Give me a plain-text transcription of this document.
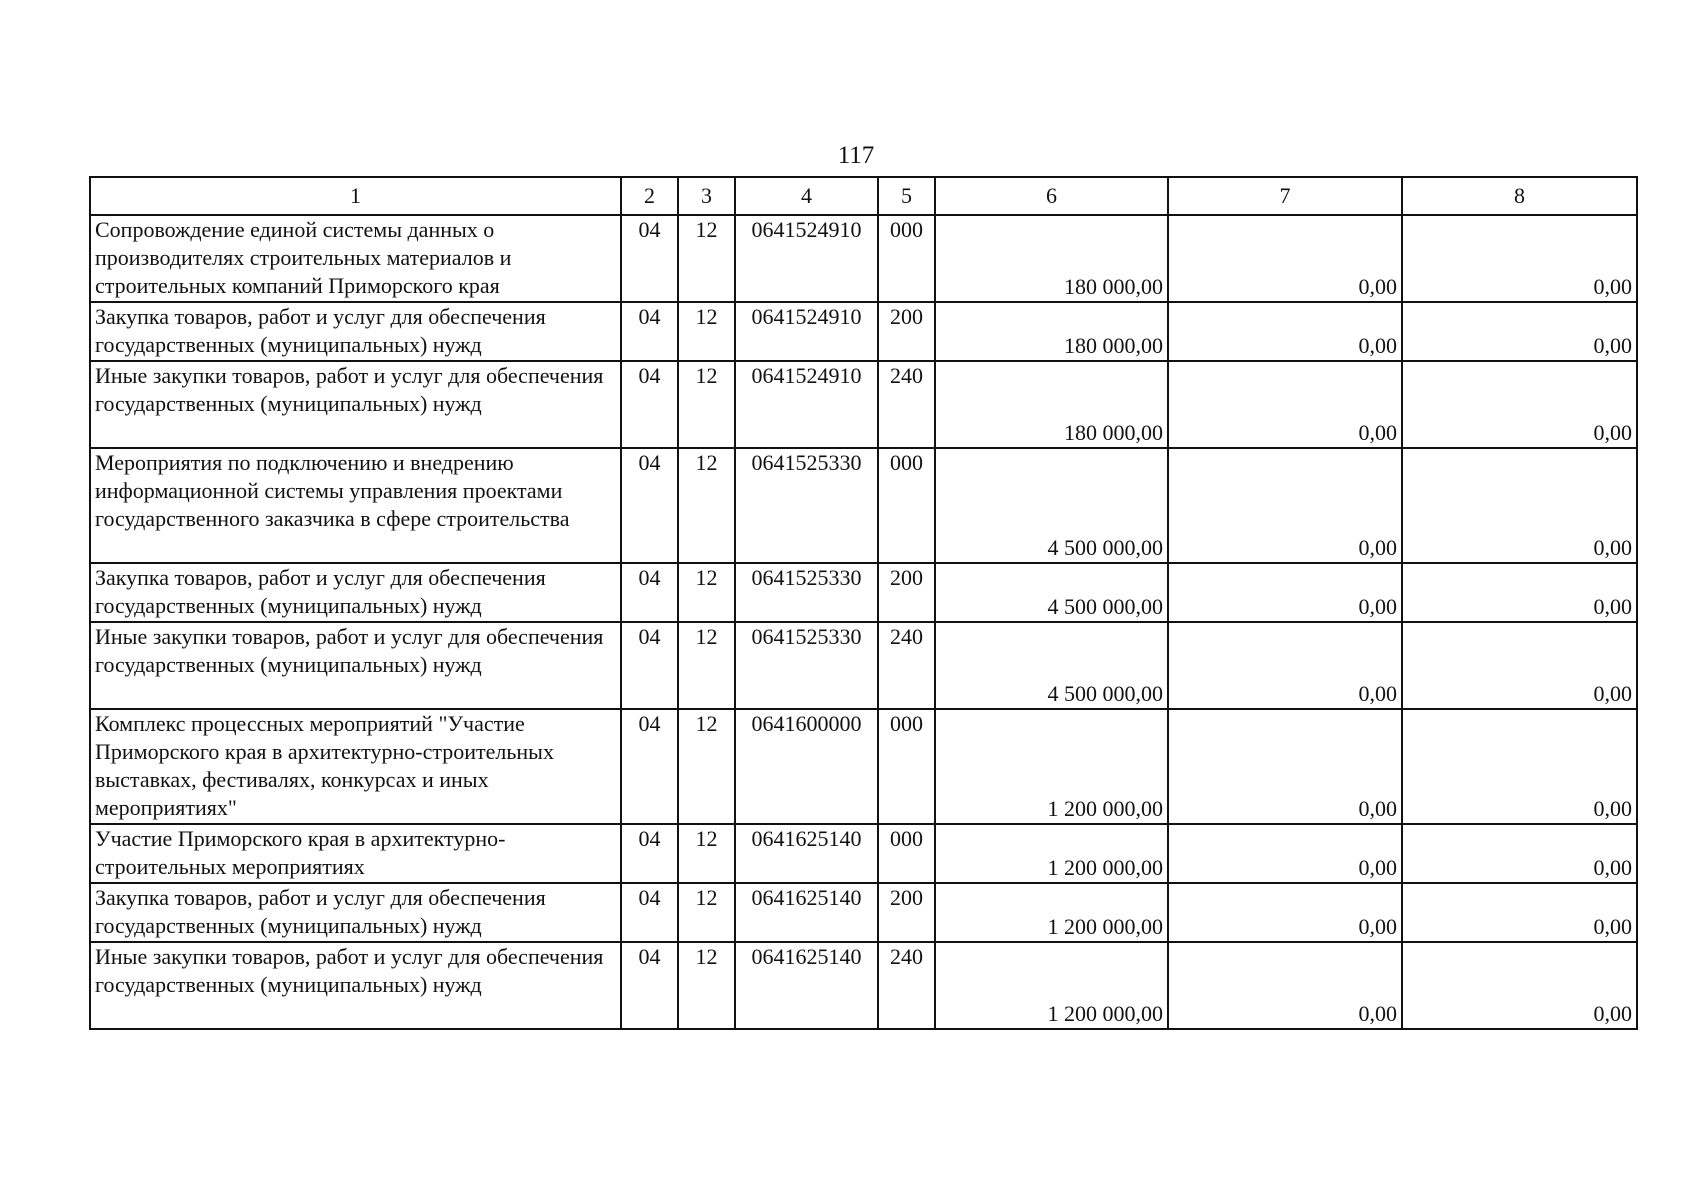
117
1	2	3	4	5	6	7	8
Сопровождение единой системы данных о производителях строительных материалов и строительных компаний Приморского края	04	12	0641524910	000	180 000,00	0,00	0,00
Закупка товаров, работ и услуг для обеспечения государственных (муниципальных) нужд	04	12	0641524910	200	180 000,00	0,00	0,00
Иные закупки товаров, работ и услуг для обеспечения государственных (муниципальных) нужд	04	12	0641524910	240	180 000,00	0,00	0,00
Мероприятия по подключению и внедрению информационной системы управления проектами государственного заказчика в сфере строительства	04	12	0641525330	000	4 500 000,00	0,00	0,00
Закупка товаров, работ и услуг для обеспечения государственных (муниципальных) нужд	04	12	0641525330	200	4 500 000,00	0,00	0,00
Иные закупки товаров, работ и услуг для обеспечения государственных (муниципальных) нужд	04	12	0641525330	240	4 500 000,00	0,00	0,00
Комплекс процессных мероприятий "Участие Приморского края в архитектурно-строительных выставках, фестивалях, конкурсах и иных мероприятиях"	04	12	0641600000	000	1 200 000,00	0,00	0,00
Участие Приморского края в архитектурно-строительных мероприятиях	04	12	0641625140	000	1 200 000,00	0,00	0,00
Закупка товаров, работ и услуг для обеспечения государственных (муниципальных) нужд	04	12	0641625140	200	1 200 000,00	0,00	0,00
Иные закупки товаров, работ и услуг для обеспечения государственных (муниципальных) нужд	04	12	0641625140	240	1 200 000,00	0,00	0,00
